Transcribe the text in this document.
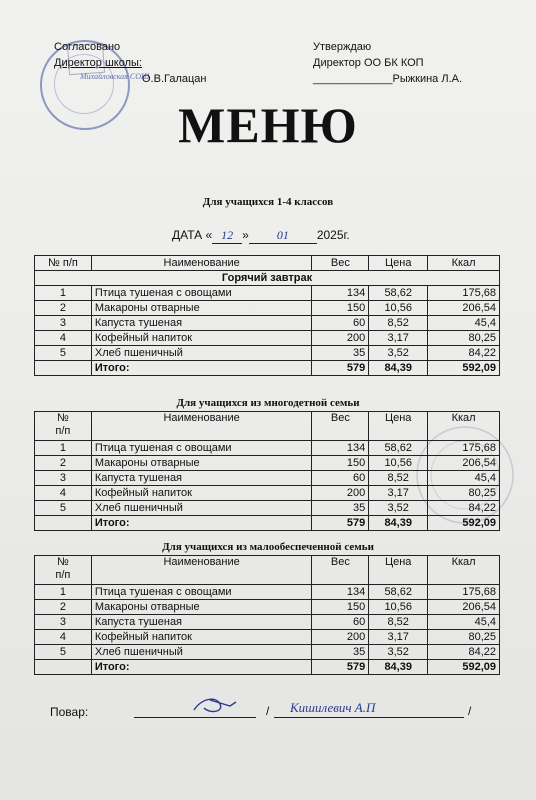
Согласовано
Директор школы:
О.В.Галацан
Михайловская СОШ
Утверждаю
Директор ОО БК КОП
_____________Рыжкина Л.А.
МЕНЮ
Для учащихся 1-4 классов
ДАТА « 12 » 01 2025г.
№ п/п	Наименование	Вес	Цена	Ккал
Горячий завтрак				
1	Птица тушеная с овощами	134	58,62	175,68
2	Макароны отварные	150	10,56	206,54
3	Капуста тушеная	60	8,52	45,4
4	Кофейный напиток	200	3,17	80,25
5	Хлеб пшеничный	35	3,52	84,22
	Итого:	579	84,39	592,09
Для учащихся из многодетной семьи
№
п/п	Наименование	Вес	Цена	Ккал
1	Птица тушеная с овощами	134	58,62	175,68
2	Макароны отварные	150	10,56	206,54
3	Капуста тушеная	60	8,52	45,4
4	Кофейный напиток	200	3,17	80,25
5	Хлеб пшеничный	35	3,52	84,22
	Итого:	579	84,39	592,09
Для учащихся из малообеспеченной семьи
№
п/п	Наименование	Вес	Цена	Ккал
1	Птица тушеная с овощами	134	58,62	175,68
2	Макароны отварные	150	10,56	206,54
3	Капуста тушеная	60	8,52	45,4
4	Кофейный напиток	200	3,17	80,25
5	Хлеб пшеничный	35	3,52	84,22
	Итого:	579	84,39	592,09
Повар:	/ Кишилевич А.П	/
